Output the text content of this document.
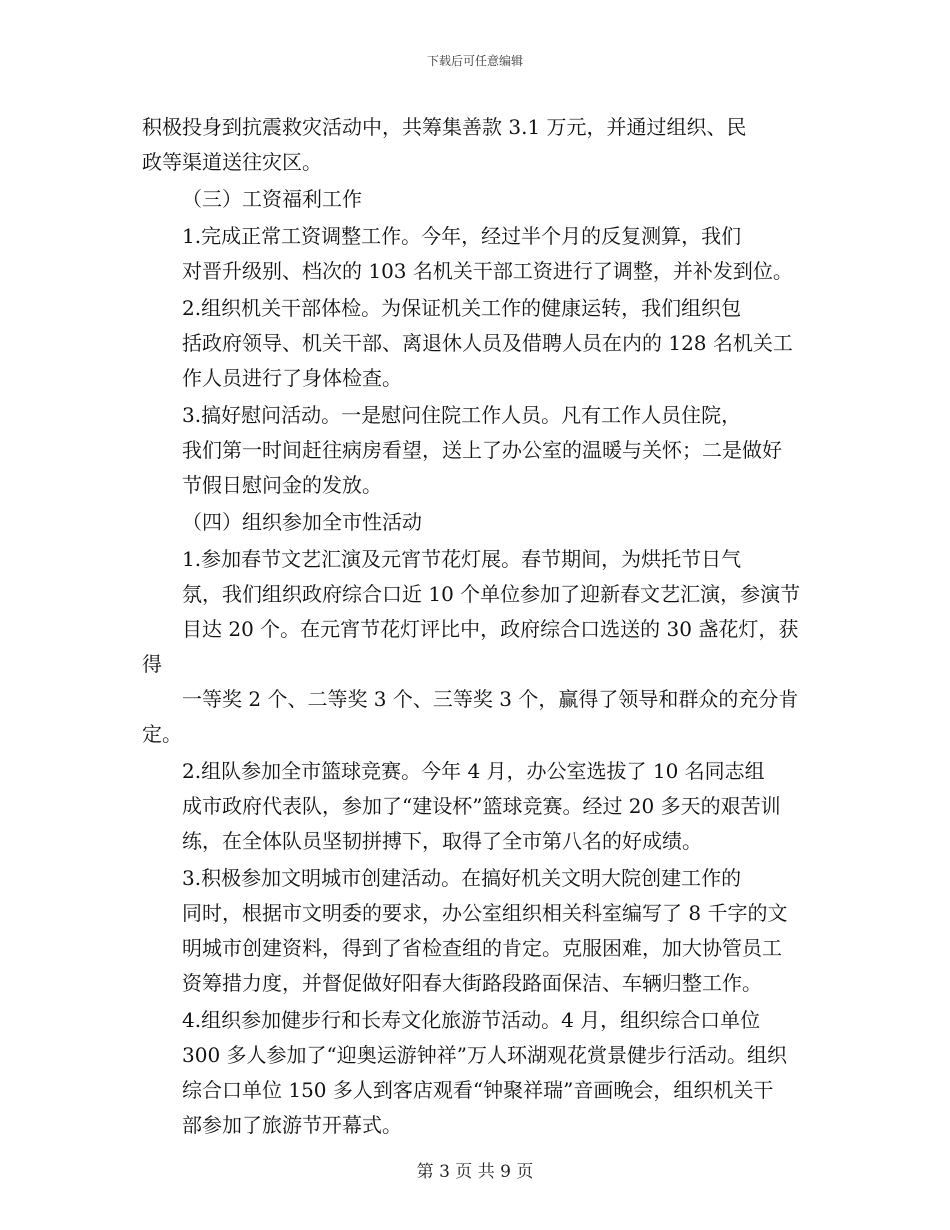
下载后可任意编辑
积极投身到抗震救灾活动中，共筹集善款 3.1 万元，并通过组织、民
政等渠道送往灾区。
（三）工资福利工作
1.完成正常工资调整工作。今年，经过半个月的反复测算，我们
对晋升级别、档次的 103 名机关干部工资进行了调整，并补发到位。
2.组织机关干部体检。为保证机关工作的健康运转，我们组织包
括政府领导、机关干部、离退休人员及借聘人员在内的 128 名机关工
作人员进行了身体检查。
3.搞好慰问活动。一是慰问住院工作人员。凡有工作人员住院，
我们第一时间赶往病房看望，送上了办公室的温暖与关怀；二是做好
节假日慰问金的发放。
（四）组织参加全市性活动
1.参加春节文艺汇演及元宵节花灯展。春节期间，为烘托节日气
氛，我们组织政府综合口近 10 个单位参加了迎新春文艺汇演，参演节
目达 20 个。在元宵节花灯评比中，政府综合口选送的 30 盏花灯，获得
一等奖 2 个、二等奖 3 个、三等奖 3 个，赢得了领导和群众的充分肯定。
2.组队参加全市篮球竞赛。今年 4 月，办公室选拔了 10 名同志组
成市政府代表队，参加了“建设杯”篮球竞赛。经过 20 多天的艰苦训
练，在全体队员坚韧拼搏下，取得了全市第八名的好成绩。
3.积极参加文明城市创建活动。在搞好机关文明大院创建工作的
同时，根据市文明委的要求，办公室组织相关科室编写了 8 千字的文
明城市创建资料，得到了省检查组的肯定。克服困难，加大协管员工
资筹措力度，并督促做好阳春大街路段路面保洁、车辆归整工作。
4.组织参加健步行和长寿文化旅游节活动。4 月，组织综合口单位
300 多人参加了“迎奥运游钟祥”万人环湖观花赏景健步行活动。组织
综合口单位 150 多人到客店观看“钟聚祥瑞”音画晚会，组织机关干
部参加了旅游节开幕式。
第 3 页 共 9 页
